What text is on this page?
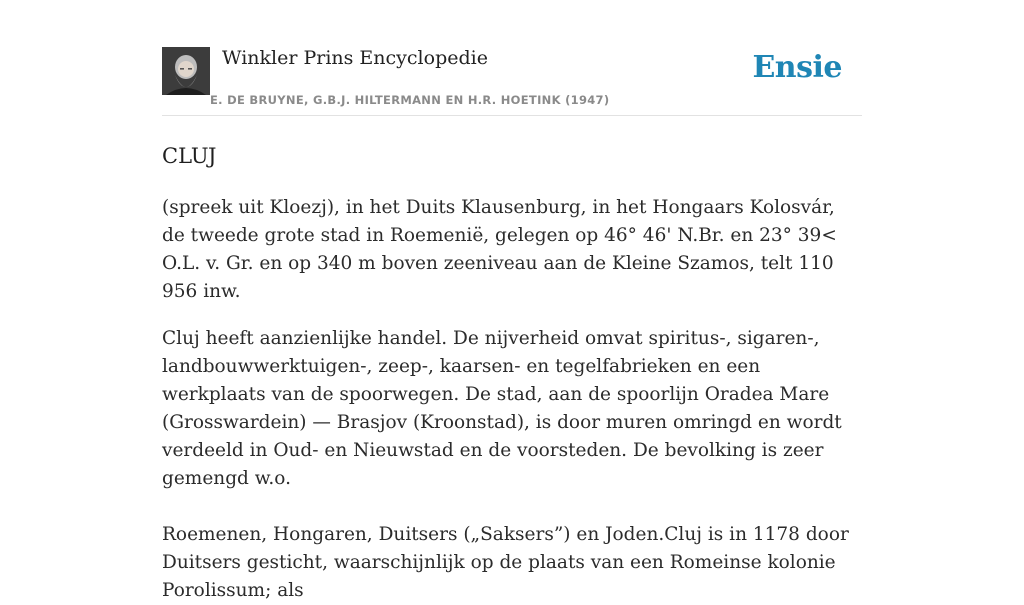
Winkler Prins Encyclopedie
E. DE BRUYNE, G.B.J. HILTERMANN EN H.R. HOETINK (1947)
Ensie
CLUJ

(spreek uit Kloezj), in het Duits Klausenburg, in het Hongaars Kolosvár, de tweede grote stad in Roemenië, gelegen op 46° 46' N.Br. en 23° 39< O.L. v. Gr. en op 340 m boven zeeniveau aan de Kleine Szamos, telt 110 956 inw.

Cluj heeft aanzienlijke handel. De nijverheid omvat spiritus-, sigaren-, landbouwwerktuigen-, zeep-, kaarsen- en tegelfabrieken en een werkplaats van de spoorwegen. De stad, aan de spoorlijn Oradea Mare (Grosswardein) — Brasjov (Kroonstad), is door muren omringd en wordt verdeeld in Oud- en Nieuwstad en de voorsteden. De bevolking is zeer gemengd w.o.

Roemenen, Hongaren, Duitsers („Saksers”) en Joden.Cluj is in 1178 door Duitsers gesticht, waarschijnlijk op de plaats van een Romeinse kolonie Porolissum; als
